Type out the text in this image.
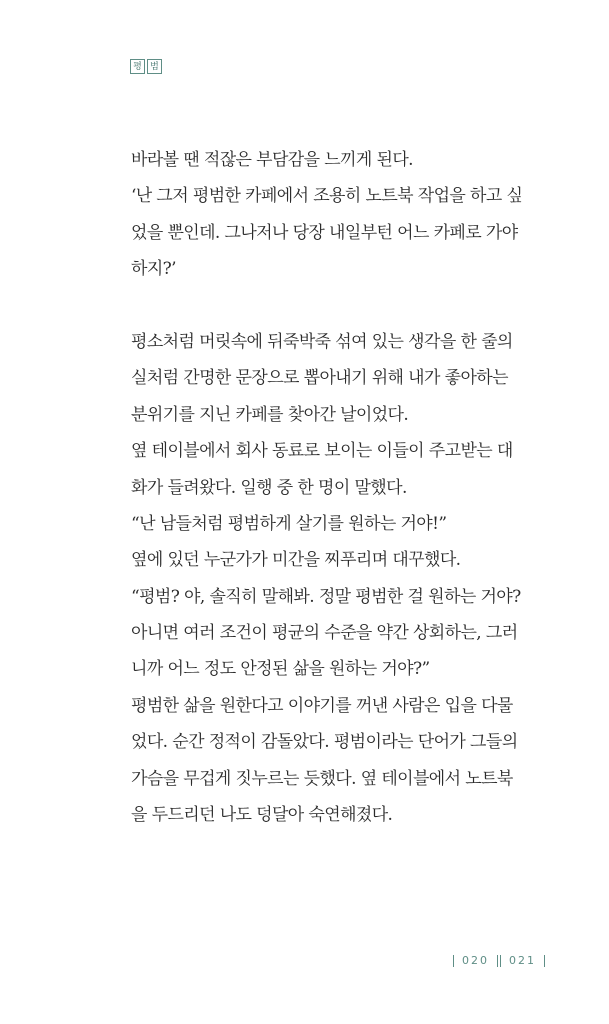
평 범
바라볼 땐 적잖은 부담감을 느끼게 된다.
‘난 그저 평범한 카페에서 조용히 노트북 작업을 하고 싶
었을 뿐인데. 그나저나 당장 내일부턴 어느 카페로 가야
하지?’
평소처럼 머릿속에 뒤죽박죽 섞여 있는 생각을 한 줄의
실처럼 간명한 문장으로 뽑아내기 위해 내가 좋아하는
분위기를 지닌 카페를 찾아간 날이었다.
옆 테이블에서 회사 동료로 보이는 이들이 주고받는 대
화가 들려왔다. 일행 중 한 명이 말했다.
“난 남들처럼 평범하게 살기를 원하는 거야!”
옆에 있던 누군가가 미간을 찌푸리며 대꾸했다.
“평범? 야, 솔직히 말해봐. 정말 평범한 걸 원하는 거야?
아니면 여러 조건이 평균의 수준을 약간 상회하는, 그러
니까 어느 정도 안정된 삶을 원하는 거야?”
평범한 삶을 원한다고 이야기를 꺼낸 사람은 입을 다물
었다. 순간 정적이 감돌았다. 평범이라는 단어가 그들의
가슴을 무겁게 짓누르는 듯했다. 옆 테이블에서 노트북
을 두드리던 나도 덩달아 숙연해졌다.
020 021
